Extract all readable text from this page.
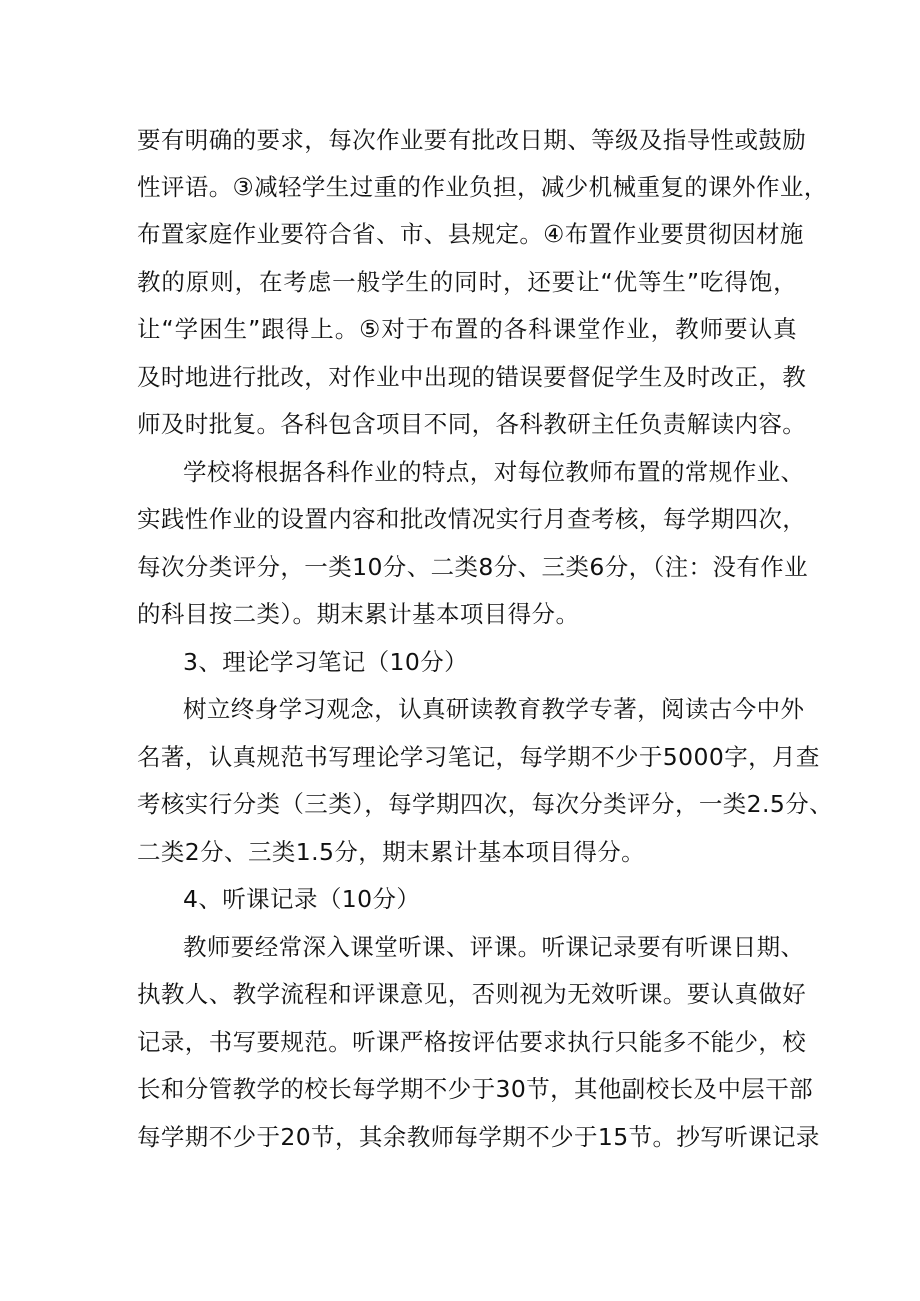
要有明确的要求，每次作业要有批改日期、等级及指导性或鼓励
性评语。③减轻学生过重的作业负担，减少机械重复的课外作业，
布置家庭作业要符合省、市、县规定。④布置作业要贯彻因材施
教的原则，在考虑一般学生的同时，还要让“优等生”吃得饱，
让“学困生”跟得上。⑤对于布置的各科课堂作业，教师要认真
及时地进行批改，对作业中出现的错误要督促学生及时改正，教
师及时批复。各科包含项目不同，各科教研主任负责解读内容。
学校将根据各科作业的特点，对每位教师布置的常规作业、
实践性作业的设置内容和批改情况实行月查考核，每学期四次，
每次分类评分，一类10分、二类8分、三类6分，（注：没有作业
的科目按二类）。期末累计基本项目得分。
3、理论学习笔记（10分）
树立终身学习观念，认真研读教育教学专著，阅读古今中外
名著，认真规范书写理论学习笔记，每学期不少于5000字，月查
考核实行分类（三类），每学期四次，每次分类评分，一类2.5分、
二类2分、三类1.5分，期末累计基本项目得分。
4、听课记录（10分）
教师要经常深入课堂听课、评课。听课记录要有听课日期、
执教人、教学流程和评课意见，否则视为无效听课。要认真做好
记录，书写要规范。听课严格按评估要求执行只能多不能少，校
长和分管教学的校长每学期不少于30节，其他副校长及中层干部
每学期不少于20节，其余教师每学期不少于15节。抄写听课记录
